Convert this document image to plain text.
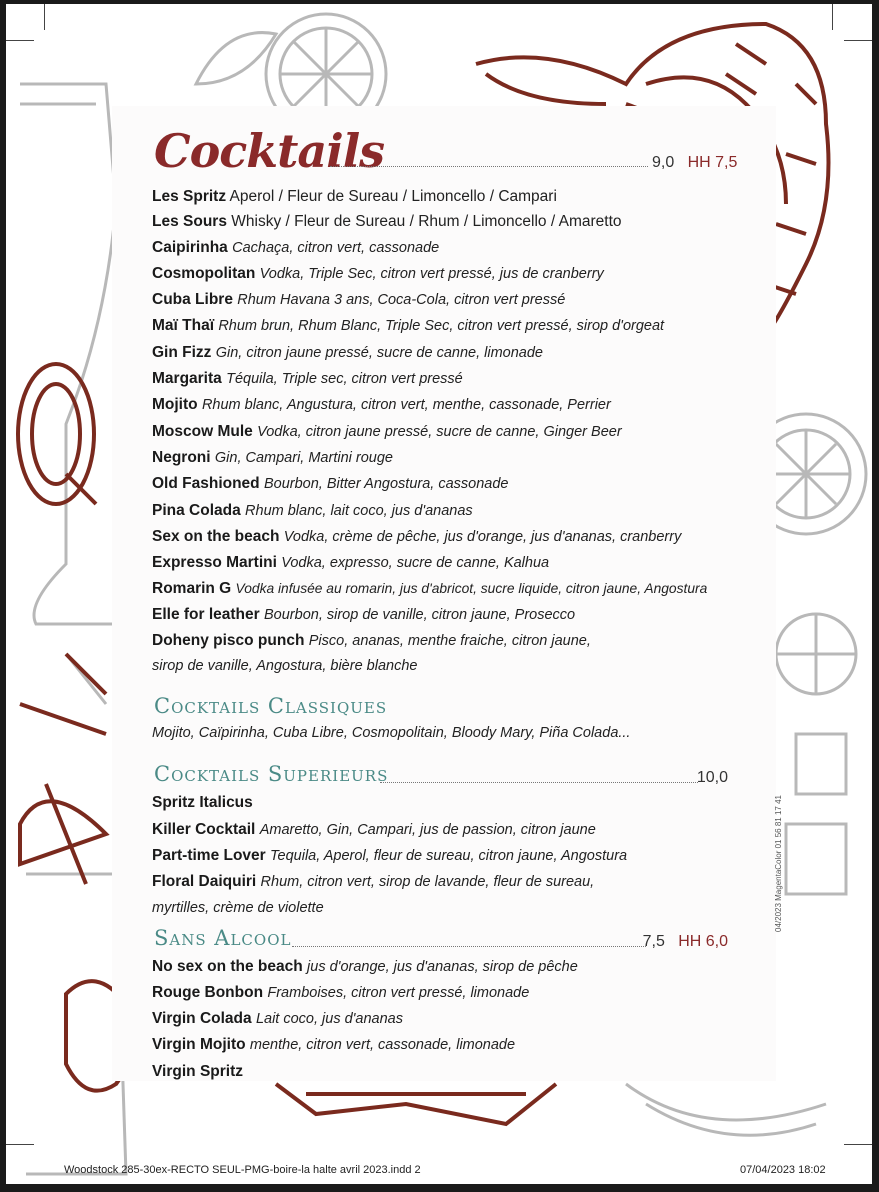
Cocktails	9,0 HH 7,5
Les Spritz Aperol / Fleur de Sureau / Limoncello / Campari
Les Sours Whisky / Fleur de Sureau / Rhum / Limoncello / Amaretto
Caipirinha Cachaça, citron vert, cassonade
Cosmopolitan Vodka, Triple Sec, citron vert pressé, jus de cranberry
Cuba Libre Rhum Havana 3 ans, Coca-Cola, citron vert pressé
Maï Thaï Rhum brun, Rhum Blanc, Triple Sec, citron vert pressé, sirop d'orgeat
Gin Fizz Gin, citron jaune pressé, sucre de canne, limonade
Margarita Téquila, Triple sec, citron vert pressé
Mojito Rhum blanc, Angustura, citron vert, menthe, cassonade, Perrier
Moscow Mule Vodka, citron jaune pressé, sucre de canne, Ginger Beer
Negroni Gin, Campari, Martini rouge
Old Fashioned Bourbon, Bitter Angostura, cassonade
Pina Colada Rhum blanc, lait coco, jus d'ananas
Sex on the beach Vodka, crème de pêche, jus d'orange, jus d'ananas, cranberry
Expresso Martini Vodka, expresso, sucre de canne, Kalhua
Romarin G Vodka infusée au romarin, jus d'abricot, sucre liquide, citron jaune, Angostura
Elle for leather Bourbon, sirop de vanille, citron jaune, Prosecco
Doheny pisco punch Pisco, ananas, menthe fraiche, citron jaune,
sirop de vanille, Angostura, bière blanche
Cocktails Classiques
Mojito, Caïpirinha, Cuba Libre, Cosmopolitain, Bloody Mary, Piña Colada...
Cocktails Superieurs	10,0
Spritz Italicus
Killer Cocktail Amaretto, Gin, Campari, jus de passion, citron jaune
Part-time Lover Tequila, Aperol, fleur de sureau, citron jaune, Angostura
Floral Daiquiri Rhum, citron vert, sirop de lavande, fleur de sureau,
myrtilles, crème de violette
Sans Alcool	7,5 HH 6,0
No sex on the beach jus d'orange, jus d'ananas, sirop de pêche
Rouge Bonbon Framboises, citron vert pressé, limonade
Virgin Colada Lait coco, jus d'ananas
Virgin Mojito menthe, citron vert, cassonade, limonade
Virgin Spritz
04/2023 MagentaColor 01 56 81 17 41
Woodstock 285-30ex-RECTO SEUL-PMG-boire-la halte avril 2023.indd 2	07/04/2023 18:02
